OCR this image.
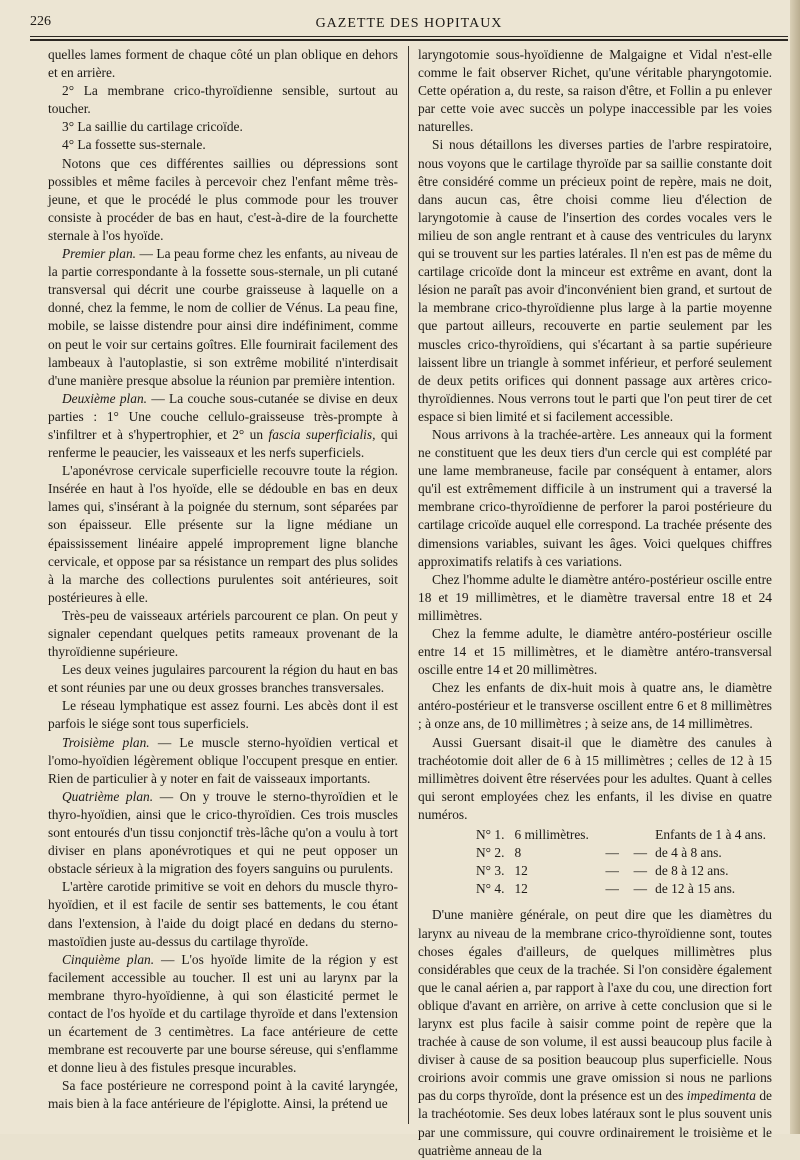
226	GAZETTE DES HOPITAUX

quelles lames forment de chaque côté un plan oblique en dehors et en arrière.

2° La membrane crico-thyroïdienne sensible, surtout au toucher.

3° La saillie du cartilage cricoïde.

4° La fossette sus-sternale.

Notons que ces différentes saillies ou dépressions sont possibles et même faciles à percevoir chez l'enfant même très-jeune, et que le procédé le plus commode pour les trouver consiste à procéder de bas en haut, c'est-à-dire de la fourchette sternale à l'os hyoïde.

Premier plan. — La peau forme chez les enfants, au niveau de la partie correspondante à la fossette sous-sternale, un pli cutané transversal qui décrit une courbe graisseuse à laquelle on a donné, chez la femme, le nom de collier de Vénus. La peau fine, mobile, se laisse distendre pour ainsi dire indéfiniment, comme on peut le voir sur certains goîtres. Elle fournirait facilement des lambeaux à l'autoplastie, si son extrême mobilité n'interdisait d'une manière presque absolue la réunion par première intention.

Deuxième plan. — La couche sous-cutanée se divise en deux parties : 1° Une couche cellulo-graisseuse très-prompte à s'infiltrer et à s'hypertrophier, et 2° un fascia superficialis, qui renferme le peaucier, les vaisseaux et les nerfs superficiels.

L'aponévrose cervicale superficielle recouvre toute la région. Insérée en haut à l'os hyoïde, elle se dédouble en bas en deux lames qui, s'insérant à la poignée du sternum, sont séparées par son épaisseur. Elle présente sur la ligne médiane un épaississement linéaire appelé improprement ligne blanche cervicale, et oppose par sa résistance un rempart des plus solides à la marche des collections purulentes soit antérieures, soit postérieures à elle.

Très-peu de vaisseaux artériels parcourent ce plan. On peut y signaler cependant quelques petits rameaux provenant de la thyroïdienne supérieure.

Les deux veines jugulaires parcourent la région du haut en bas et sont réunies par une ou deux grosses branches transversales.

Le réseau lymphatique est assez fourni. Les abcès dont il est parfois le siége sont tous superficiels.

Troisième plan. — Le muscle sterno-hyoïdien vertical et l'omo-hyoïdien légèrement oblique l'occupent presque en entier. Rien de particulier à y noter en fait de vaisseaux importants.

Quatrième plan. — On y trouve le sterno-thyroïdien et le thyro-hyoïdien, ainsi que le crico-thyroïdien. Ces trois muscles sont entourés d'un tissu conjonctif très-lâche qu'on a voulu à tort diviser en plans aponévrotiques et qui ne peut opposer un obstacle sérieux à la migration des foyers sanguins ou purulents.

L'artère carotide primitive se voit en dehors du muscle thyro-hyoïdien, et il est facile de sentir ses battements, le cou étant dans l'extension, à l'aide du doigt placé en dedans du sterno-mastoïdien juste au-dessus du cartilage thyroïde.

Cinquième plan. — L'os hyoïde limite de la région y est facilement accessible au toucher. Il est uni au larynx par la membrane thyro-hyoïdienne, à qui son élasticité permet le contact de l'os hyoïde et du cartilage thyroïde et dans l'extension un écartement de 3 centimètres. La face antérieure de cette membrane est recouverte par une bourse séreuse, qui s'enflamme et donne lieu à des fistules presque incurables.

Sa face postérieure ne correspond point à la cavité laryngée, mais bien à la face antérieure de l'épiglotte. Ainsi, la prétend ue

laryngotomie sous-hyoïdienne de Malgaigne et Vidal n'est-elle comme le fait observer Richet, qu'une véritable pharyngotomie. Cette opération a, du reste, sa raison d'être, et Follin a pu enlever par cette voie avec succès un polype inaccessible par les voies naturelles.

Si nous détaillons les diverses parties de l'arbre respiratoire, nous voyons que le cartilage thyroïde par sa saillie constante doit être considéré comme un précieux point de repère, mais ne doit, dans aucun cas, être choisi comme lieu d'élection de laryngotomie à cause de l'insertion des cordes vocales vers le milieu de son angle rentrant et à cause des ventricules du larynx qui se trouvent sur les parties latérales. Il n'en est pas de même du cartilage cricoïde dont la minceur est extrême en avant, dont la lésion ne paraît pas avoir d'inconvénient bien grand, et surtout de la membrane crico-thyroïdienne plus large à la partie moyenne que partout ailleurs, recouverte en partie seulement par les muscles crico-thyroïdiens, qui s'écartant à sa partie supérieure laissent libre un triangle à sommet inférieur, et perforé seulement de deux petits orifices qui donnent passage aux artères crico-thyroïdiennes. Nous verrons tout le parti que l'on peut tirer de cet espace si bien limité et si facilement accessible.

Nous arrivons à la trachée-artère. Les anneaux qui la forment ne constituent que les deux tiers d'un cercle qui est complété par une lame membraneuse, facile par conséquent à entamer, alors qu'il est extrêmement difficile à un instrument qui a traversé la membrane crico-thyroïdienne de perforer la paroi postérieure du cartilage cricoïde auquel elle correspond. La trachée présente des dimensions variables, suivant les âges. Voici quelques chiffres approximatifs relatifs à ces variations.

Chez l'homme adulte le diamètre antéro-postérieur oscille entre 18 et 19 millimètres, et le diamètre traversal entre 18 et 24 millimètres.

Chez la femme adulte, le diamètre antéro-postérieur oscille entre 14 et 15 millimètres, et le diamètre antéro-transversal oscille entre 14 et 20 millimètres.

Chez les enfants de dix-huit mois à quatre ans, le diamètre antéro-postérieur et le transverse oscillent entre 6 et 8 millimètres ; à onze ans, de 10 millimètres ; à seize ans, de 14 millimètres.

Aussi Guersant disait-il que le diamètre des canules à trachéotomie doit aller de 6 à 15 millimètres ; celles de 12 à 15 millimètres doivent être réservées pour les adultes. Quant à celles qui seront employées chez les enfants, il les divise en quatre numéros.

N° 1.	6 millimètres.			Enfants de 1 à 4 ans.
N° 2.	8	—	—	de 4 à 8 ans.
N° 3.	12	—	—	de 8 à 12 ans.
N° 4.	12	—	—	de 12 à 15 ans.

D'une manière générale, on peut dire que les diamètres du larynx au niveau de la membrane crico-thyroïdienne sont, toutes choses égales d'ailleurs, de quelques millimètres plus considérables que ceux de la trachée. Si l'on considère également que le canal aérien a, par rapport à l'axe du cou, une direction fort oblique d'avant en arrière, on arrive à cette conclusion que si le larynx est plus facile à saisir comme point de repère que la trachée à cause de son volume, il est aussi beaucoup plus facile à diviser à cause de sa position beaucoup plus superficielle. Nous croirions avoir commis une grave omission si nous ne parlions pas du corps thyroïde, dont la présence est un des impedimenta de la trachéotomie. Ses deux lobes latéraux sont le plus souvent unis par une commissure, qui couvre ordinairement le troisième et le quatrième anneau de la
